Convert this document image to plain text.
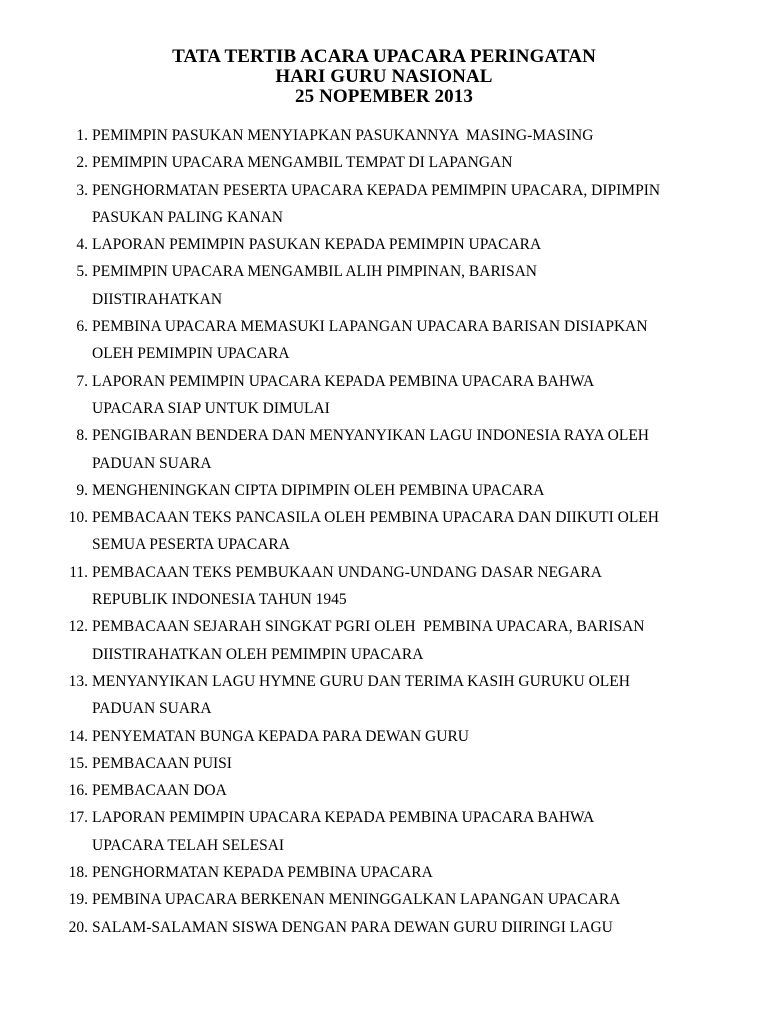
TATA TERTIB ACARA UPACARA PERINGATAN
HARI GURU NASIONAL
25 NOPEMBER 2013
1. PEMIMPIN PASUKAN MENYIAPKAN PASUKANNYA  MASING-MASING
2. PEMIMPIN UPACARA MENGAMBIL TEMPAT DI LAPANGAN
3. PENGHORMATAN PESERTA UPACARA KEPADA PEMIMPIN UPACARA, DIPIMPIN
PASUKAN PALING KANAN
4. LAPORAN PEMIMPIN PASUKAN KEPADA PEMIMPIN UPACARA
5. PEMIMPIN UPACARA MENGAMBIL ALIH PIMPINAN, BARISAN
DIISTIRAHATKAN
6. PEMBINA UPACARA MEMASUKI LAPANGAN UPACARA BARISAN DISIAPKAN
OLEH PEMIMPIN UPACARA
7. LAPORAN PEMIMPIN UPACARA KEPADA PEMBINA UPACARA BAHWA
UPACARA SIAP UNTUK DIMULAI
8. PENGIBARAN BENDERA DAN MENYANYIKAN LAGU INDONESIA RAYA OLEH
PADUAN SUARA
9. MENGHENINGKAN CIPTA DIPIMPIN OLEH PEMBINA UPACARA
10. PEMBACAAN TEKS PANCASILA OLEH PEMBINA UPACARA DAN DIIKUTI OLEH
SEMUA PESERTA UPACARA
11. PEMBACAAN TEKS PEMBUKAAN UNDANG-UNDANG DASAR NEGARA
REPUBLIK INDONESIA TAHUN 1945
12. PEMBACAAN SEJARAH SINGKAT PGRI OLEH  PEMBINA UPACARA, BARISAN
DIISTIRAHATKAN OLEH PEMIMPIN UPACARA
13. MENYANYIKAN LAGU HYMNE GURU DAN TERIMA KASIH GURUKU OLEH
PADUAN SUARA
14. PENYEMATAN BUNGA KEPADA PARA DEWAN GURU
15. PEMBACAAN PUISI
16. PEMBACAAN DOA
17. LAPORAN PEMIMPIN UPACARA KEPADA PEMBINA UPACARA BAHWA
UPACARA TELAH SELESAI
18. PENGHORMATAN KEPADA PEMBINA UPACARA
19. PEMBINA UPACARA BERKENAN MENINGGALKAN LAPANGAN UPACARA
20. SALAM-SALAMAN SISWA DENGAN PARA DEWAN GURU DIIRINGI LAGU
